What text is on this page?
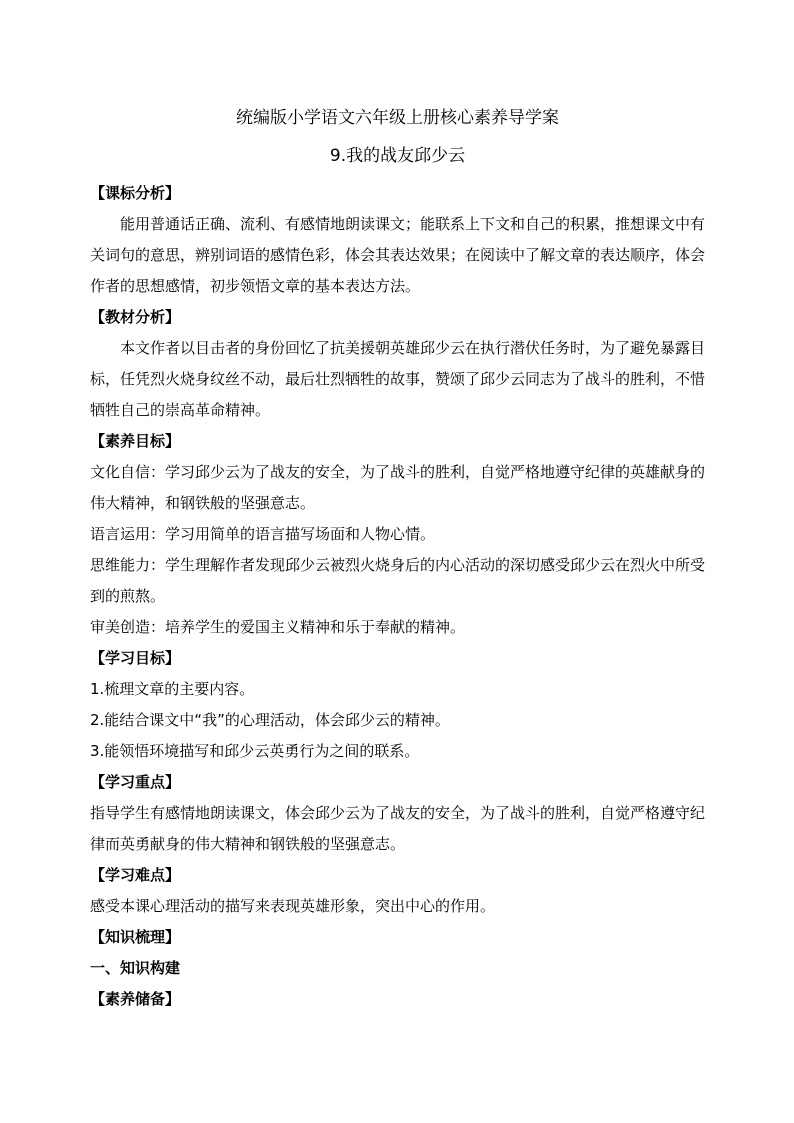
统编版小学语文六年级上册核心素养导学案
9.我的战友邱少云

【课标分析】

能用普通话正确、流利、有感情地朗读课文；能联系上下文和自己的积累，推想课文中有关词句的意思，辨别词语的感情色彩，体会其表达效果；在阅读中了解文章的表达顺序，体会作者的思想感情，初步领悟文章的基本表达方法。

【教材分析】

本文作者以目击者的身份回忆了抗美援朝英雄邱少云在执行潜伏任务时，为了避免暴露目标，任凭烈火烧身纹丝不动，最后壮烈牺牲的故事，赞颂了邱少云同志为了战斗的胜利，不惜牺牲自己的崇高革命精神。

【素养目标】

文化自信：学习邱少云为了战友的安全，为了战斗的胜利，自觉严格地遵守纪律的英雄献身的伟大精神，和钢铁般的坚强意志。

语言运用：学习用简单的语言描写场面和人物心情。

思维能力：学生理解作者发现邱少云被烈火烧身后的内心活动的深切感受邱少云在烈火中所受到的煎熬。

审美创造：培养学生的爱国主义精神和乐于奉献的精神。

【学习目标】

1.梳理文章的主要内容。

2.能结合课文中“我”的心理活动，体会邱少云的精神。

3.能领悟环境描写和邱少云英勇行为之间的联系。

【学习重点】

指导学生有感情地朗读课文，体会邱少云为了战友的安全，为了战斗的胜利，自觉严格遵守纪律而英勇献身的伟大精神和钢铁般的坚强意志。

【学习难点】

感受本课心理活动的描写来表现英雄形象，突出中心的作用。

【知识梳理】

一、知识构建

【素养储备】
